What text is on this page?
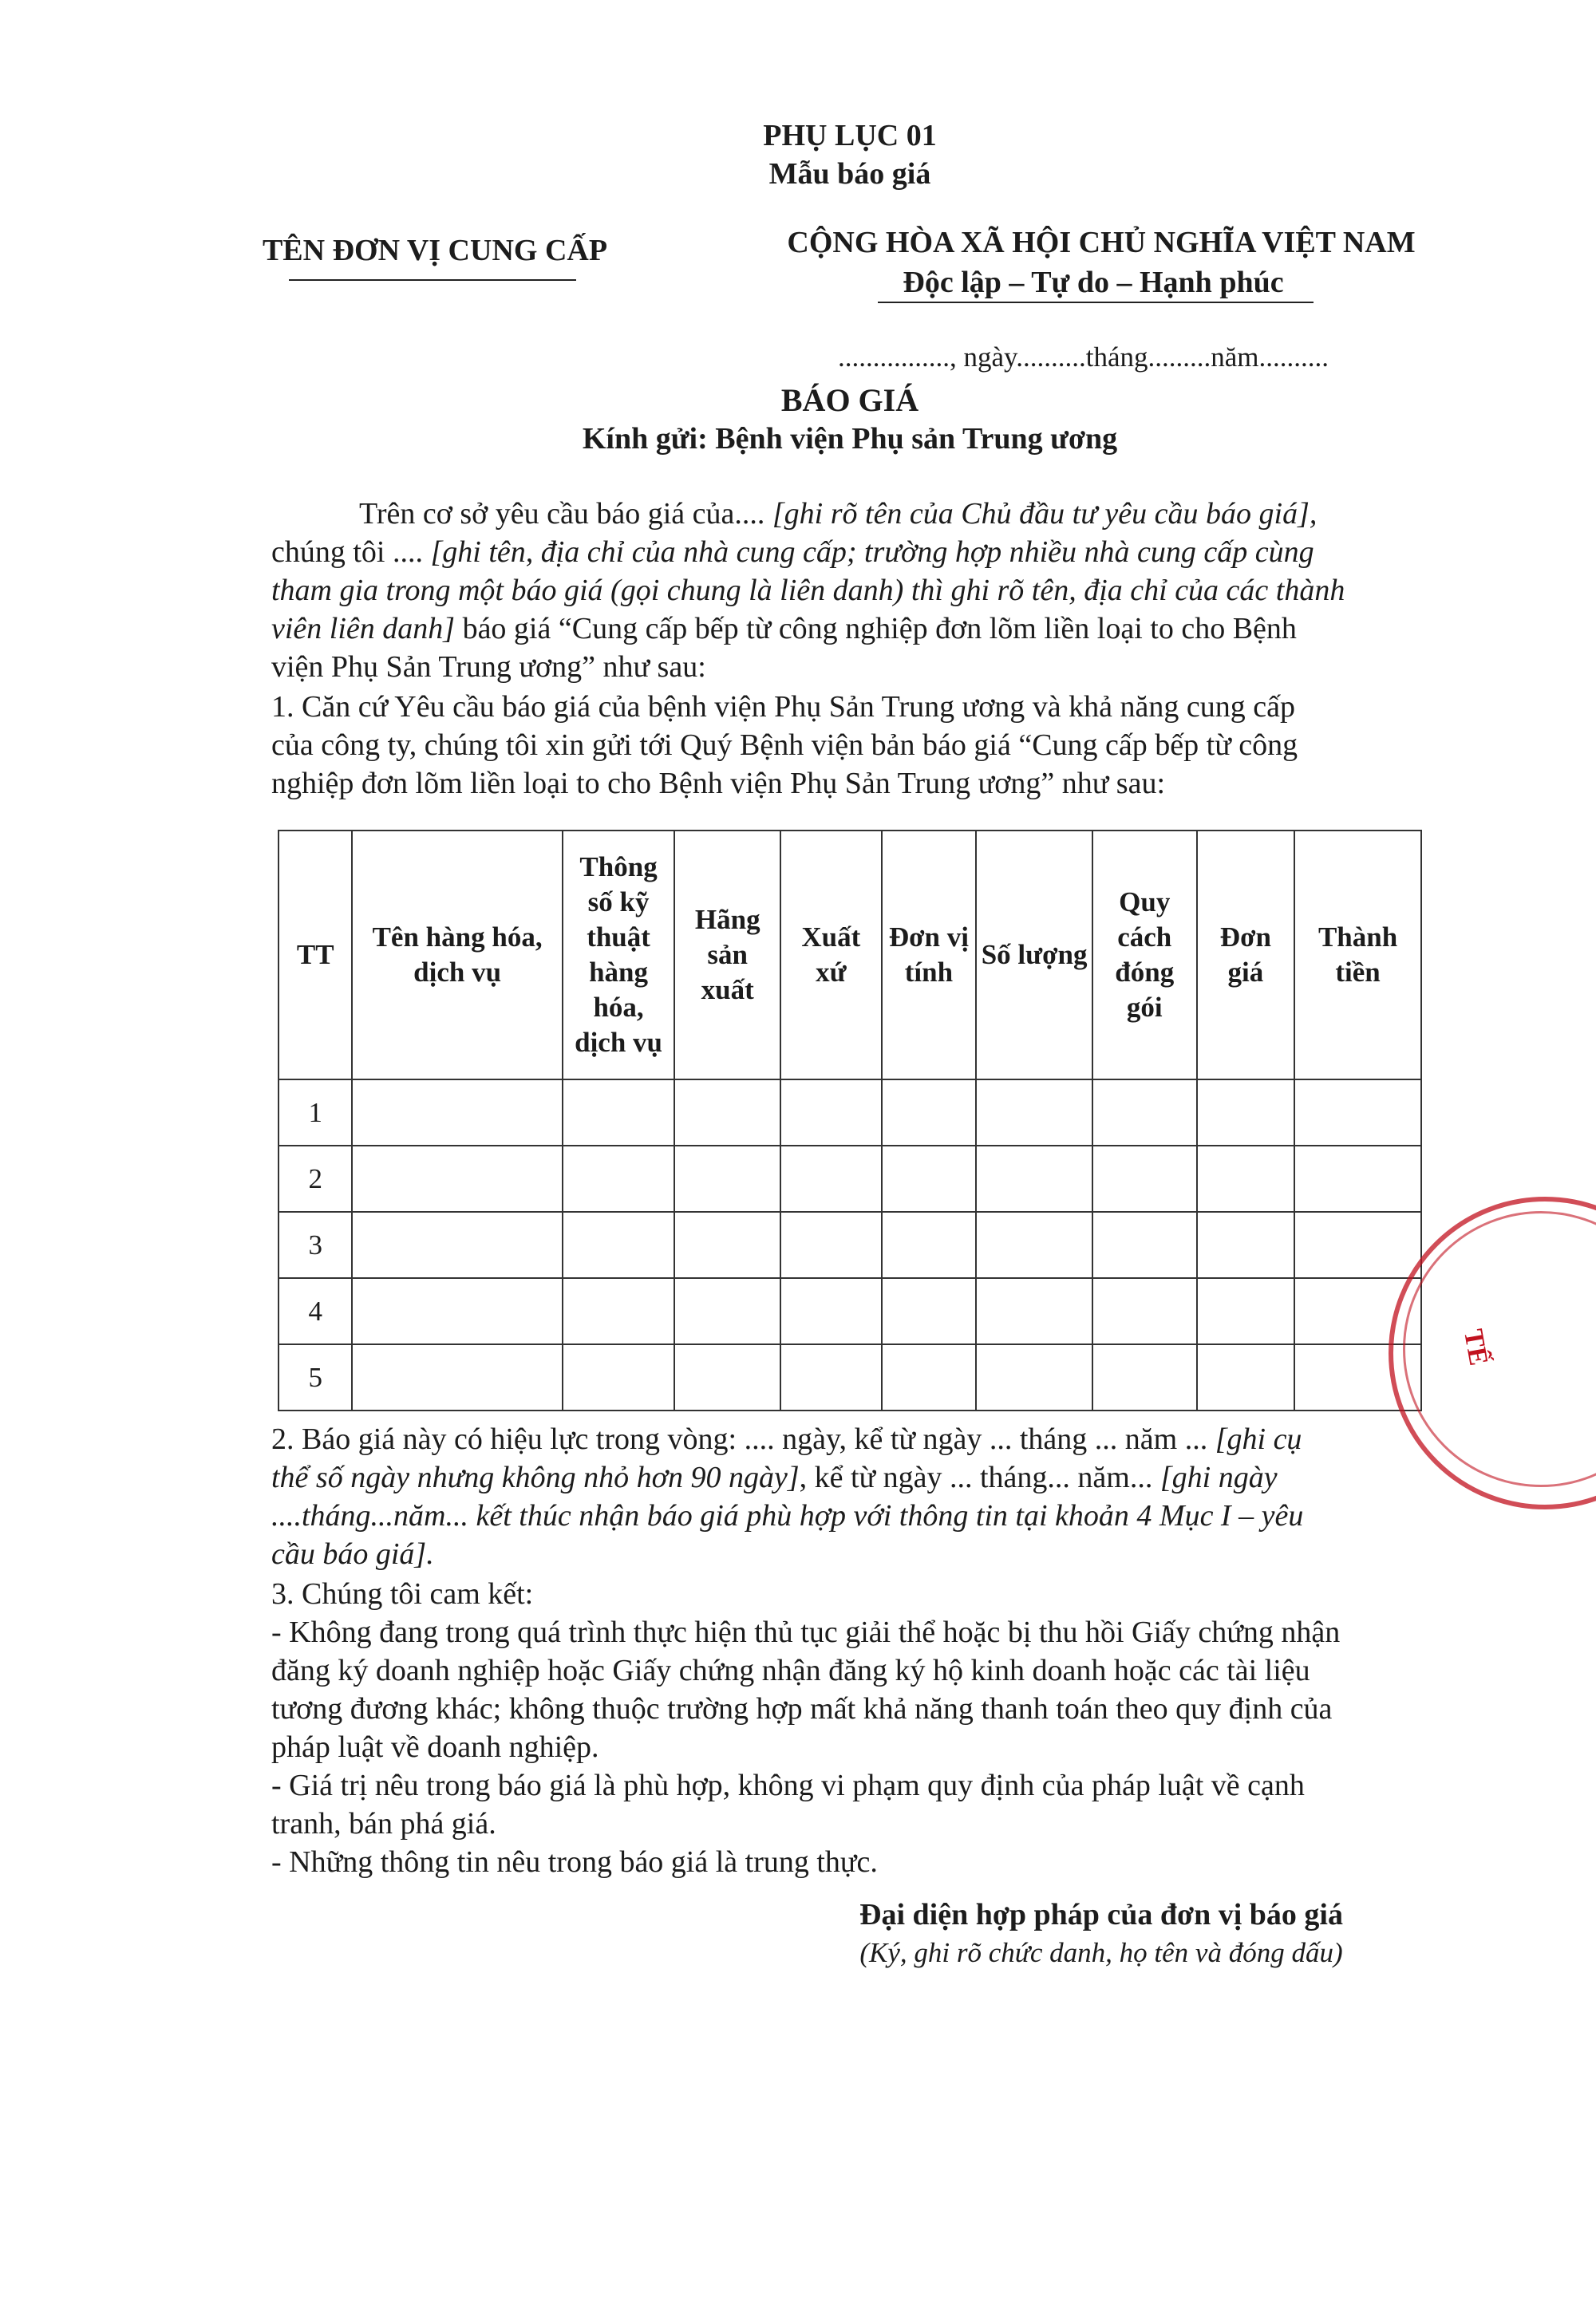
PHỤ LỤC 01
Mẫu báo giá
TÊN ĐƠN VỊ CUNG CẤP	CỘNG HÒA XÃ HỘI CHỦ NGHĨA VIỆT NAM
Độc lập – Tự do – Hạnh phúc
................, ngày..........tháng.........năm..........
BÁO GIÁ
Kính gửi: Bệnh viện Phụ sản Trung ương
Trên cơ sở yêu cầu báo giá của.... [ghi rõ tên của Chủ đầu tư yêu cầu báo giá],
chúng tôi .... [ghi tên, địa chỉ của nhà cung cấp; trường hợp nhiều nhà cung cấp cùng
tham gia trong một báo giá (gọi chung là liên danh) thì ghi rõ tên, địa chỉ của các thành
viên liên danh] báo giá “Cung cấp bếp từ công nghiệp đơn lõm liền loại to cho Bệnh
viện Phụ Sản Trung ương” như sau:
1. Căn cứ Yêu cầu báo giá của bệnh viện Phụ Sản Trung ương và khả năng cung cấp
của công ty, chúng tôi xin gửi tới Quý Bệnh viện bản báo giá “Cung cấp bếp từ công
nghiệp đơn lõm liền loại to cho Bệnh viện Phụ Sản Trung ương” như sau:
TT	Tên hàng hóa, dịch vụ	Thông số kỹ thuật hàng hóa, dịch vụ	Hãng sản xuất	Xuất xứ	Đơn vị tính	Số lượng	Quy cách đóng gói	Đơn giá	Thành tiền
1									
2									
3									
4									
5									
2. Báo giá này có hiệu lực trong vòng: .... ngày, kể từ ngày ... tháng ... năm ... [ghi cụ
thể số ngày nhưng không nhỏ hơn 90 ngày], kể từ ngày ... tháng... năm... [ghi ngày
....tháng...năm... kết thúc nhận báo giá phù hợp với thông tin tại khoản 4 Mục I – yêu
cầu báo giá].
3. Chúng tôi cam kết:
- Không đang trong quá trình thực hiện thủ tục giải thể hoặc bị thu hồi Giấy chứng nhận
đăng ký doanh nghiệp hoặc Giấy chứng nhận đăng ký hộ kinh doanh hoặc các tài liệu
tương đương khác; không thuộc trường hợp mất khả năng thanh toán theo quy định của
pháp luật về doanh nghiệp.
- Giá trị nêu trong báo giá là phù hợp, không vi phạm quy định của pháp luật về cạnh
tranh, bán phá giá.
- Những thông tin nêu trong báo giá là trung thực.
Đại diện hợp pháp của đơn vị báo giá
(Ký, ghi rõ chức danh, họ tên và đóng dấu)
TẾ
